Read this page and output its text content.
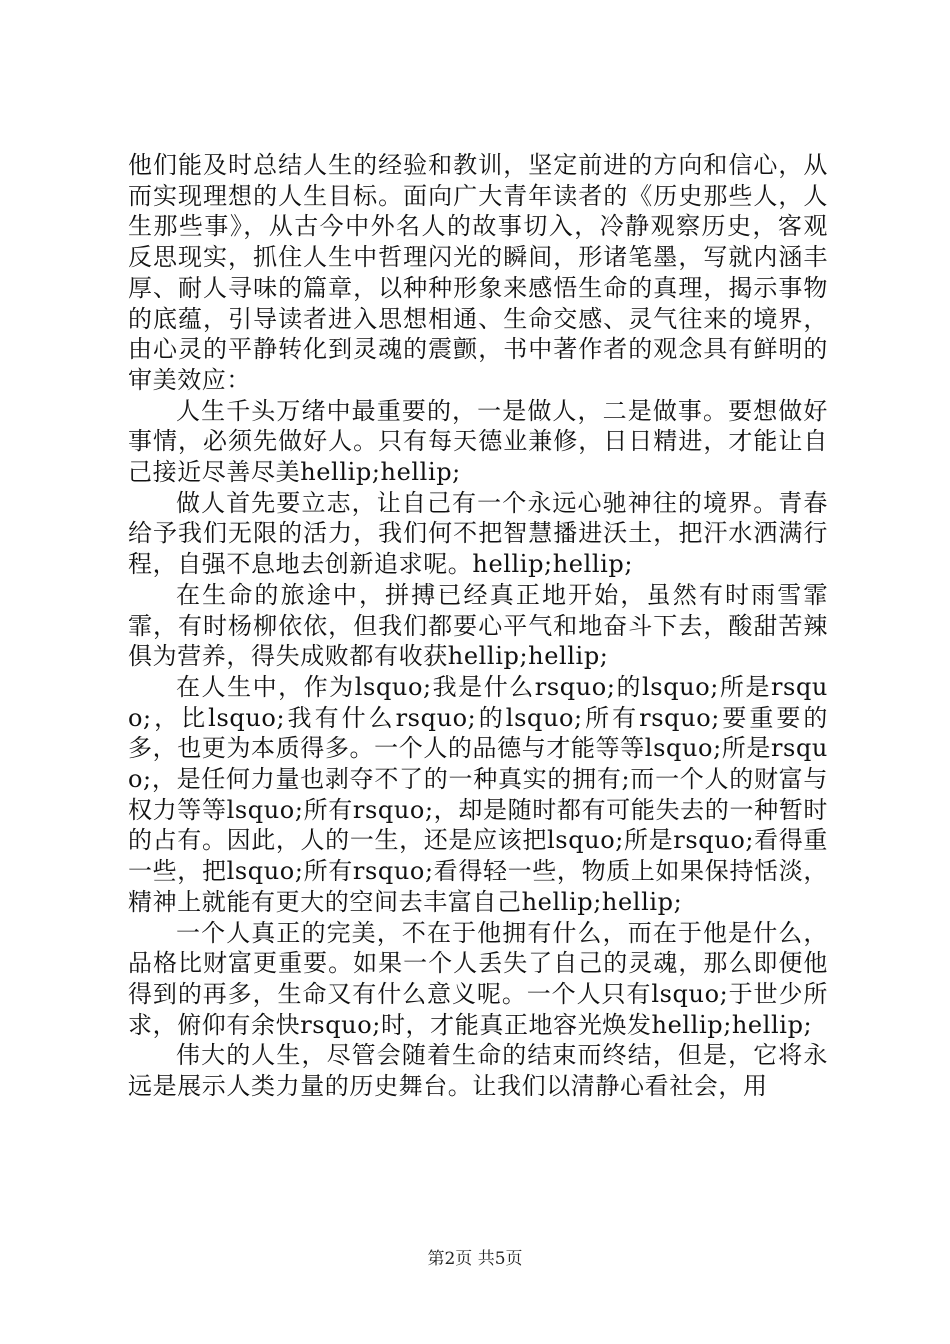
他们能及时总结人生的经验和教训，坚定前进的方向和信心，从而实现理想的人生目标。面向广大青年读者的《历史那些人，人生那些事》，从古今中外名人的故事切入，冷静观察历史，客观反思现实，抓住人生中哲理闪光的瞬间，形诸笔墨，写就内涵丰厚、耐人寻味的篇章，以种种形象来感悟生命的真理，揭示事物的底蕴，引导读者进入思想相通、生命交感、灵气往来的境界，由心灵的平静转化到灵魂的震颤，书中著作者的观念具有鲜明的审美效应：

人生千头万绪中最重要的，一是做人，二是做事。要想做好事情，必须先做好人。只有每天德业兼修，日日精进，才能让自己接近尽善尽美hellip;hellip;

做人首先要立志，让自己有一个永远心驰神往的境界。青春给予我们无限的活力，我们何不把智慧播进沃土，把汗水洒满行程，自强不息地去创新追求呢。hellip;hellip;

在生命的旅途中，拼搏已经真正地开始，虽然有时雨雪霏霏，有时杨柳依依，但我们都要心平气和地奋斗下去，酸甜苦辣俱为营养，得失成败都有收获hellip;hellip;

在人生中，作为lsquo;我是什么rsquo;的lsquo;所是rsquo;，比lsquo;我有什么rsquo;的lsquo;所有rsquo;要重要的多，也更为本质得多。一个人的品德与才能等等lsquo;所是rsquo;，是任何力量也剥夺不了的一种真实的拥有;而一个人的财富与权力等等lsquo;所有rsquo;，却是随时都有可能失去的一种暂时的占有。因此，人的一生，还是应该把lsquo;所是rsquo;看得重一些，把lsquo;所有rsquo;看得轻一些，物质上如果保持恬淡，精神上就能有更大的空间去丰富自己hellip;hellip;

一个人真正的完美，不在于他拥有什么，而在于他是什么，品格比财富更重要。如果一个人丢失了自己的灵魂，那么即便他得到的再多，生命又有什么意义呢。一个人只有lsquo;于世少所求，俯仰有余快rsquo;时，才能真正地容光焕发hellip;hellip;

伟大的人生，尽管会随着生命的结束而终结，但是，它将永远是展示人类力量的历史舞台。让我们以清静心看社会，用

第2页 共5页
